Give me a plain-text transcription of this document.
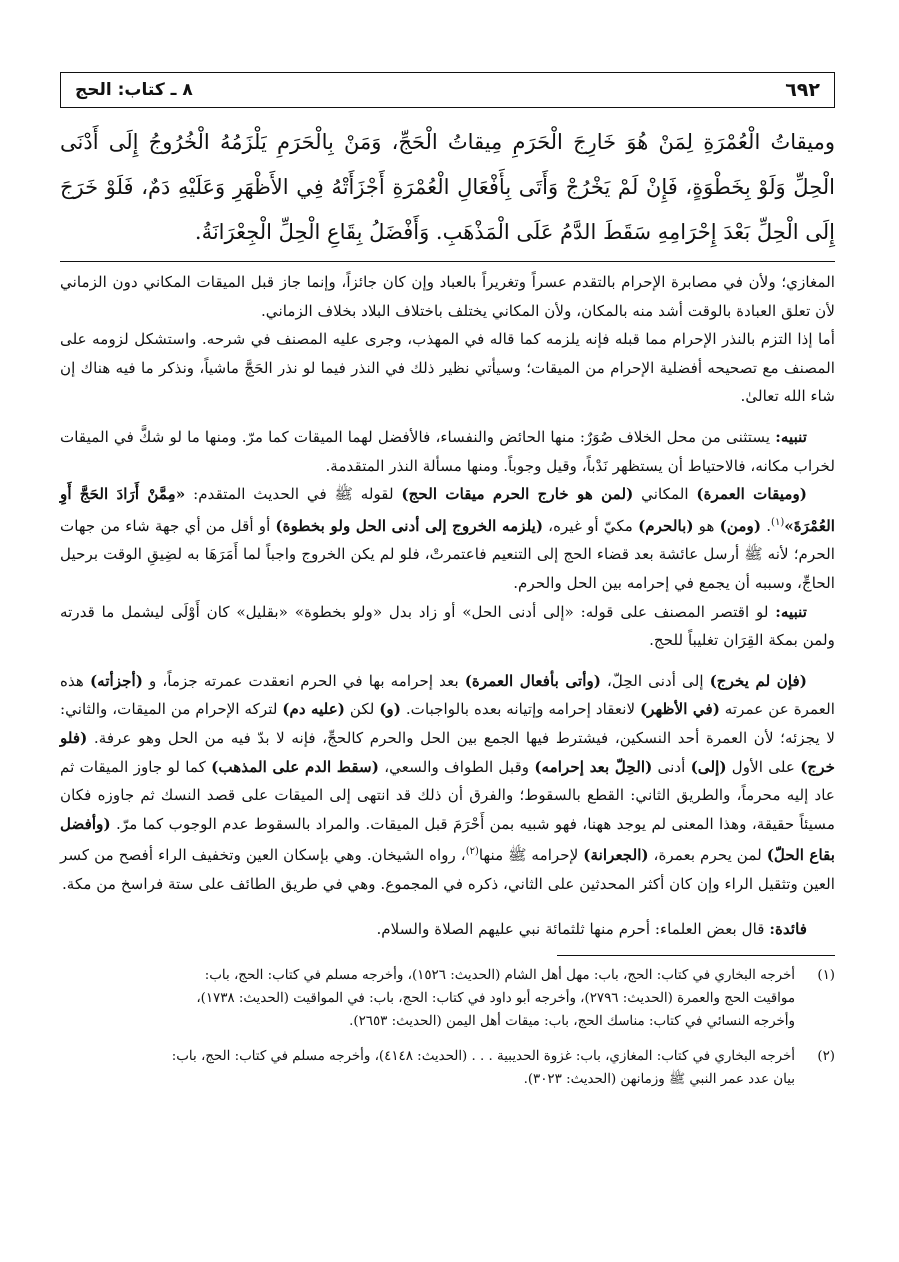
٦٩٢
٨ ـ كتاب: الحج
وميقاتُ الْعُمْرَةِ لِمَنْ هُوَ خَارِجَ الْحَرَمِ مِيقاتُ الْحَجِّ، وَمَنْ بِالْحَرَمِ يَلْزَمُهُ الْخُرُوجُ إِلَى أَدْنَى الْحِلِّ وَلَوْ بِخَطْوَةٍ، فَإِنْ لَمْ يَخْرُجْ وَأَتَى بِأَفْعَالِ الْعُمْرَةِ أَجْزَأَتْهُ فِي الأَظْهَرِ وَعَلَيْهِ دَمٌ، فَلَوْ خَرَجَ إِلَى الْحِلِّ بَعْدَ إِحْرَامِهِ سَقَطَ الدَّمُ عَلَى الْمَذْهَبِ. وَأَفْضَلُ بِقَاعِ الْحِلِّ الْجِعْرَانَةُ.

المغازي؛ ولأن في مصابرة الإحرام بالتقدم عسراً وتغريراً بالعباد وإن كان جائزاً، وإنما جاز قبل الميقات المكاني دون الزماني لأن تعلق العبادة بالوقت أشد منه بالمكان، ولأن المكاني يختلف باختلاف البلاد بخلاف الزماني.

أما إذا التزم بالنذر الإحرام مما قبله فإنه يلزمه كما قاله في المهذب، وجرى عليه المصنف في شرحه. واستشكل لزومه على المصنف مع تصحيحه أفضلية الإحرام من الميقات؛ وسيأتي نظير ذلك في النذر فيما لو نذر الحَجَّ ماشياً، ونذكر ما فيه هناك إن شاء الله تعالىٰ.

تنبيه: يستثنى من محل الخلاف صُوَرٌ: منها الحائض والنفساء، فالأفضل لهما الميقات كما مرّ. ومنها ما لو شكَّ في الميقات لخراب مكانه، فالاحتياط أن يستظهر نَدْباً، وقيل وجوباً. ومنها مسألة النذر المتقدمة.

(وميقات العمرة) المكاني (لمن هو خارج الحرم ميقات الحج) لقوله ﷺ في الحديث المتقدم: «مِمَّنْ أَرَادَ الحَجَّ أَوِ العُمْرَةَ»$^{(١)}$. (ومن) هو (بالحرم) مكيّ أو غيره، (يلزمه الخروج إلى أدنى الحل ولو بخطوة) أو أقل من أي جهة شاء من جهات الحرم؛ لأنه ﷺ أرسل عائشة بعد قضاء الحج إلى التنعيم فاعتمرتْ، فلو لم يكن الخروج واجباً لما أَمَرَهَا به لضِيقِ الوقت برحيل الحاجِّ، وسببه أن يجمع في إحرامه بين الحل والحرم.

تنبيه: لو اقتصر المصنف على قوله: «إلى أدنى الحل» أو زاد بدل «ولو بخطوة» «بقليل» كان أَوْلَى ليشمل ما قدرته ولمن بمكة القِرَان تغليباً للحج.

(فإن لم يخرج) إلى أدنى الحِلّ، (وأتى بأفعال العمرة) بعد إحرامه بها في الحرم انعقدت عمرته جزماً، و (أجزأته) هذه العمرة عن عمرته (في الأظهر) لانعقاد إحرامه وإتيانه بعده بالواجبات. (و) لكن (عليه دم) لتركه الإحرام من الميقات، والثاني: لا يجزئه؛ لأن العمرة أحد النسكين، فيشترط فيها الجمع بين الحل والحرم كالحجِّ، فإنه لا بدّ فيه من الحل وهو عرفة. (فلو خرج) على الأول (إلى) أدنى (الحِلّ بعد إحرامه) وقبل الطواف والسعي، (سقط الدم على المذهب) كما لو جاوز الميقات ثم عاد إليه محرماً، والطريق الثاني: القطع بالسقوط؛ والفرق أن ذلك قد انتهى إلى الميقات على قصد النسك ثم جاوزه فكان مسيئاً حقيقة، وهذا المعنى لم يوجد ههنا، فهو شبيه بمن أَحْرَمَ قبل الميقات. والمراد بالسقوط عدم الوجوب كما مرّ. (وأفضل بقاع الحلّ) لمن يحرم بعمرة، (الجعرانة) لإحرامه ﷺ منها$^{(٢)}$، رواه الشيخان. وهي بإسكان العين وتخفيف الراء أفصح من كسر العين وتثقيل الراء وإن كان أكثر المحدثين على الثاني، ذكره في المجموع. وهي في طريق الطائف على ستة فراسخ من مكة.

فائدة: قال بعض العلماء: أحرم منها ثلثمائة نبي عليهم الصلاة والسلام.

(١)
أخرجه البخاري في كتاب: الحج، باب: مهل أهل الشام (الحديث: ١٥٢٦)، وأخرجه مسلم في كتاب: الحج، باب:
مواقيت الحج والعمرة (الحديث: ٢٧٩٦)، وأخرجه أبو داود في كتاب: الحج، باب: في المواقيت (الحديث: ١٧٣٨)،
وأخرجه النسائي في كتاب: مناسك الحج، باب: ميقات أهل اليمن (الحديث: ٢٦٥٣).
(٢)
أخرجه البخاري في كتاب: المغازي، باب: غزوة الحديبية . . . (الحديث: ٤١٤٨)، وأخرجه مسلم في كتاب: الحج، باب:
بيان عدد عمر النبي ﷺ وزمانهن (الحديث: ٣٠٢٣).
